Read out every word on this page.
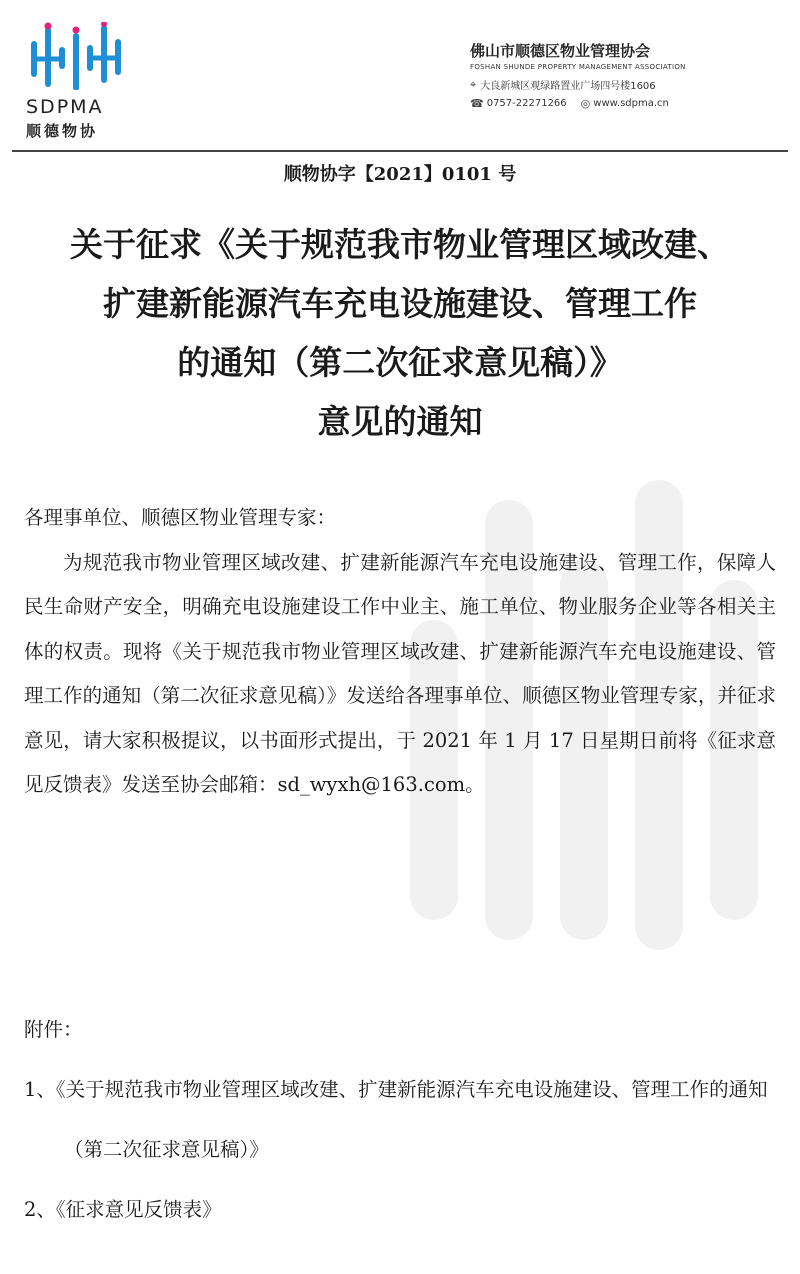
SDPMA
顺德物协
佛山市顺德区物业管理协会
FOSHAN SHUNDE PROPERTY MANAGEMENT ASSOCIATION
⌖ 大良新城区观绿路置业广场四号楼1606
☎ 0757-22271266 ◎ www.sdpma.cn
顺物协字【2021】0101 号
关于征求《关于规范我市物业管理区域改建、
扩建新能源汽车充电设施建设、管理工作
的通知（第二次征求意见稿）》
意见的通知

各理事单位、顺德区物业管理专家：

为规范我市物业管理区域改建、扩建新能源汽车充电设施建设、管理工作，保障人民生命财产安全，明确充电设施建设工作中业主、施工单位、物业服务企业等各相关主体的权责。现将《关于规范我市物业管理区域改建、扩建新能源汽车充电设施建设、管理工作的通知（第二次征求意见稿）》发送给各理事单位、顺德区物业管理专家，并征求意见，请大家积极提议，以书面形式提出，于 2021 年 1 月 17 日星期日前将《征求意见反馈表》发送至协会邮箱：sd_wyxh@163.com。

附件：

1、《关于规范我市物业管理区域改建、扩建新能源汽车充电设施建设、管理工作的通知（第二次征求意见稿）》

2、《征求意见反馈表》
